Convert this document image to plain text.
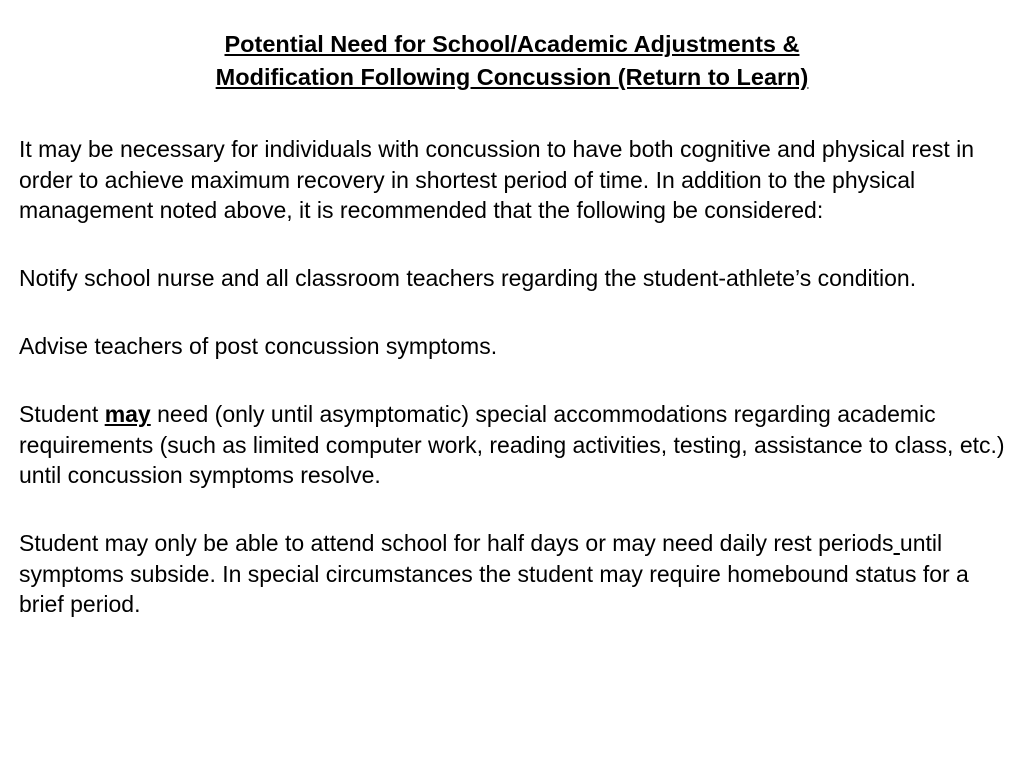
Potential Need for School/Academic Adjustments &
Modification Following Concussion (Return to Learn)

It may be necessary for individuals with concussion to have both cognitive and physical rest in order to achieve maximum recovery in shortest period of time. In addition to the physical management noted above, it is recommended that the following be considered:

Notify school nurse and all classroom teachers regarding the student-athlete’s condition.

Advise teachers of post concussion symptoms.

Student may need (only until asymptomatic) special accommodations regarding academic requirements (such as limited computer work, reading activities, testing, assistance to class, etc.) until concussion symptoms resolve.

Student may only be able to attend school for half days or may need daily rest periods until symptoms subside. In special circumstances the student may require homebound status for a brief period.
